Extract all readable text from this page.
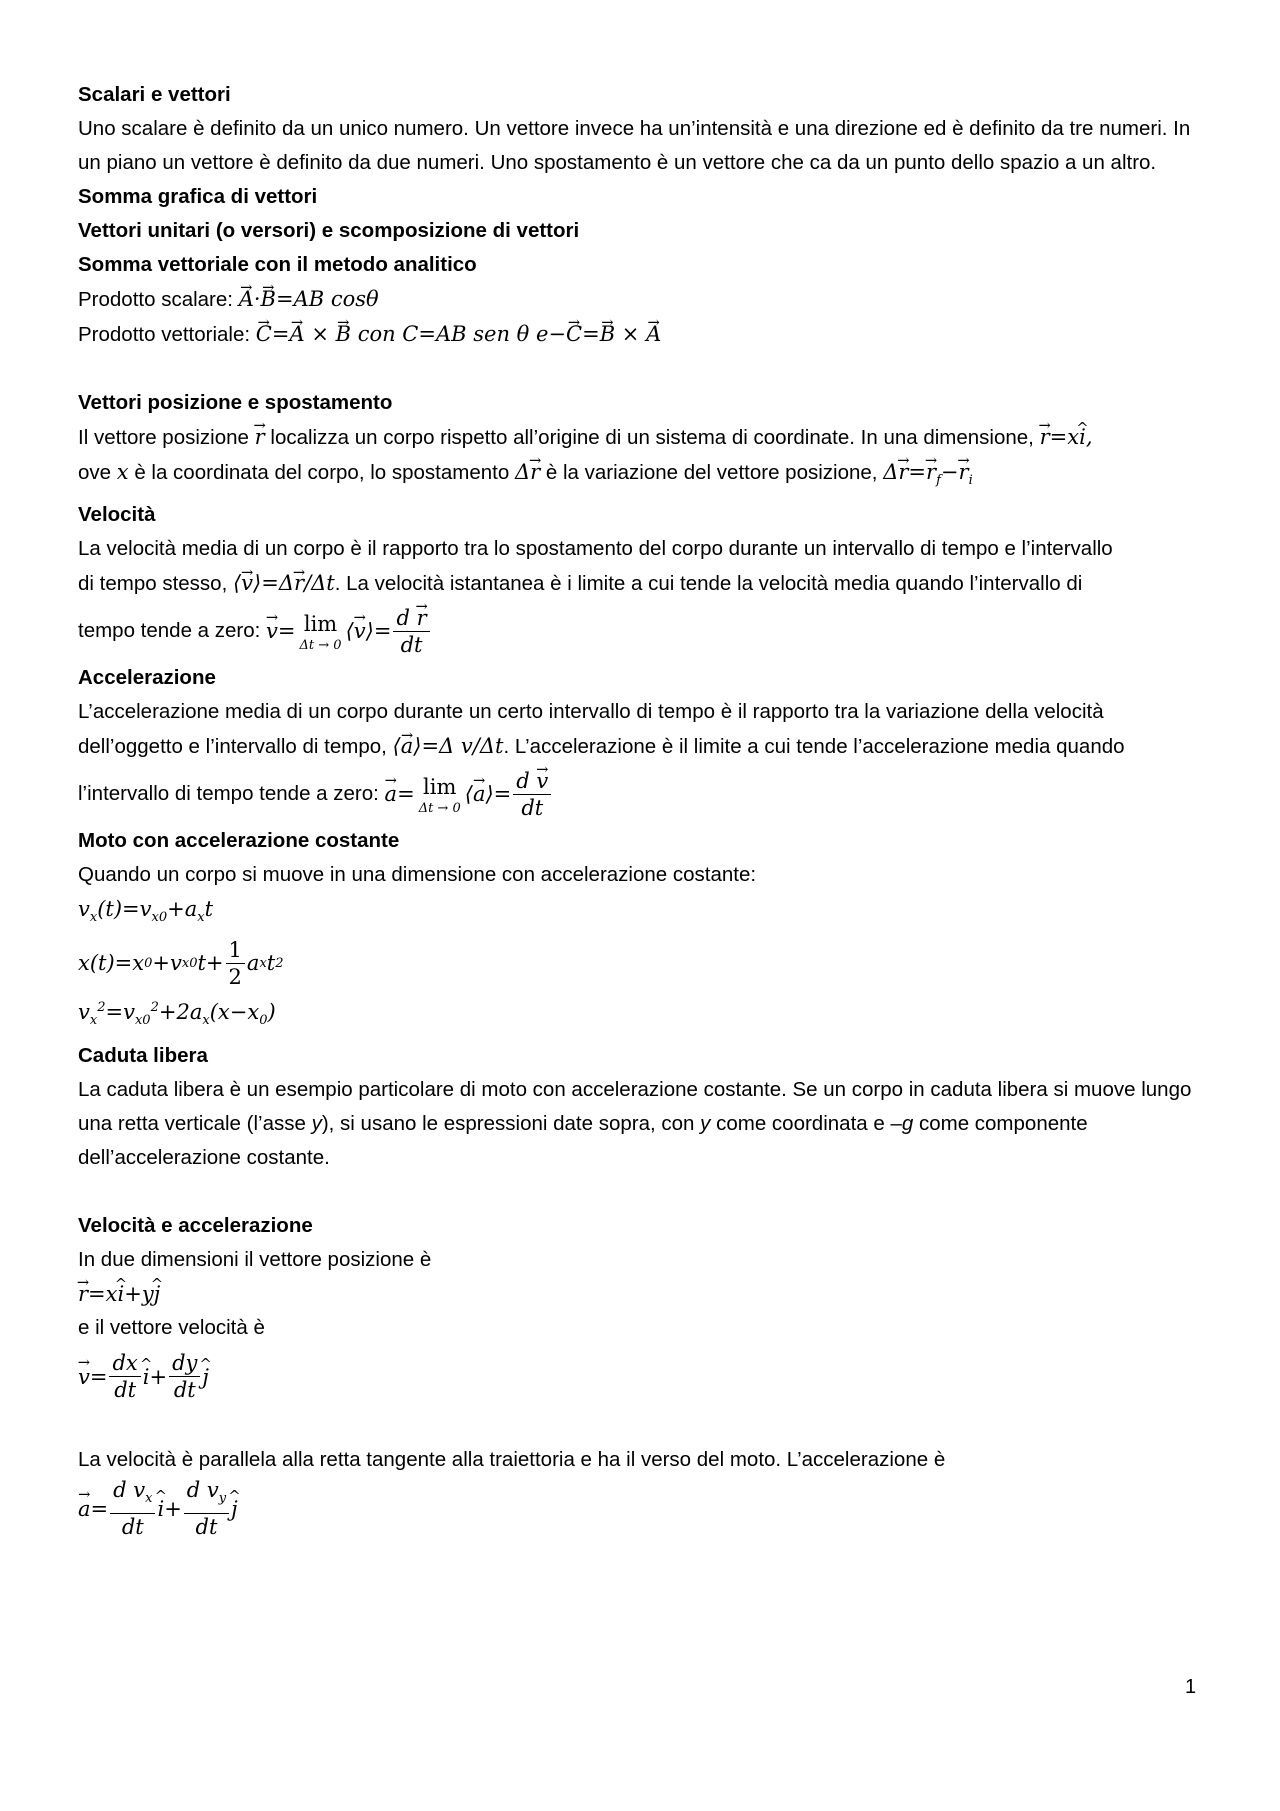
Scalari e vettori
Uno scalare è definito da un unico numero. Un vettore invece ha un’intensità e una direzione ed è definito da tre numeri. In un piano un vettore è definito da due numeri. Uno spostamento è un vettore che ca da un punto dello spazio a un altro.
Somma grafica di vettori
Vettori unitari (o versori) e scomposizione di vettori
Somma vettoriale con il metodo analitico
Prodotto scalare: → A·→ B=AB cosθ
Prodotto vettoriale: → C=→ A × → B con C=AB sen θ e−→ C=→ B × → A
Vettori posizione e spostamento
Il vettore posizione → r localizza un corpo rispetto all’origine di un sistema di coordinate. In una dimensione, → r=x^ i,
ove x è la coordinata del corpo, lo spostamento Δ→ r è la variazione del vettore posizione, $\Delta\to r=\to r_f-\to r_i$
Velocità
La velocità media di un corpo è il rapporto tra lo spostamento del corpo durante un intervallo di tempo e l’intervallo
di tempo stesso, ⟨→ v⟩=Δ→ r/Δt. La velocità istantanea è i limite a cui tende la velocità media quando l’intervallo di
tempo tende a zero:
→ v = lim
Δt → 0
⟨ → v ⟩= $\frac{d \to r}{dt}$
Accelerazione
L’accelerazione media di un corpo durante un certo intervallo di tempo è il rapporto tra la variazione della velocità
dell’oggetto e l’intervallo di tempo, ⟨→ a⟩=Δ v/Δt. L’accelerazione è il limite a cui tende l’accelerazione media quando
l’intervallo di tempo tende a zero:
→ a = lim
Δt → 0
⟨ → a ⟩= $\frac{d \to v}{dt}$
Moto con accelerazione costante
Quando un corpo si muove in una dimensione con accelerazione costante:
$v_x(t)=v_{x0}+a_xt$
x(t)=x 0 +v x0 $t+ \frac{1}{2}$ a x t 2
$v_x^2=v_{x0}^2+2a_x(x-x_0)$
Caduta libera
La caduta libera è un esempio particolare di moto con accelerazione costante. Se un corpo in caduta libera si muove lungo una retta verticale (l’asse y), si usano le espressioni date sopra, con y come coordinata e –g come componente dell’accelerazione costante.
Velocità e accelerazione
In due dimensioni il vettore posizione è
→ r=x^ i+y^ j
e il vettore velocità è
→ $v = \frac{dx}{dt}$ ^ $i + \frac{dy}{dt}$ ^ j
La velocità è parallela alla retta tangente alla traiettoria e ha il verso del moto. L’accelerazione è
→ $a = \frac{d v_x}{dt}$ ^ $i + \frac{d v_y}{dt}$ ^ j
1
